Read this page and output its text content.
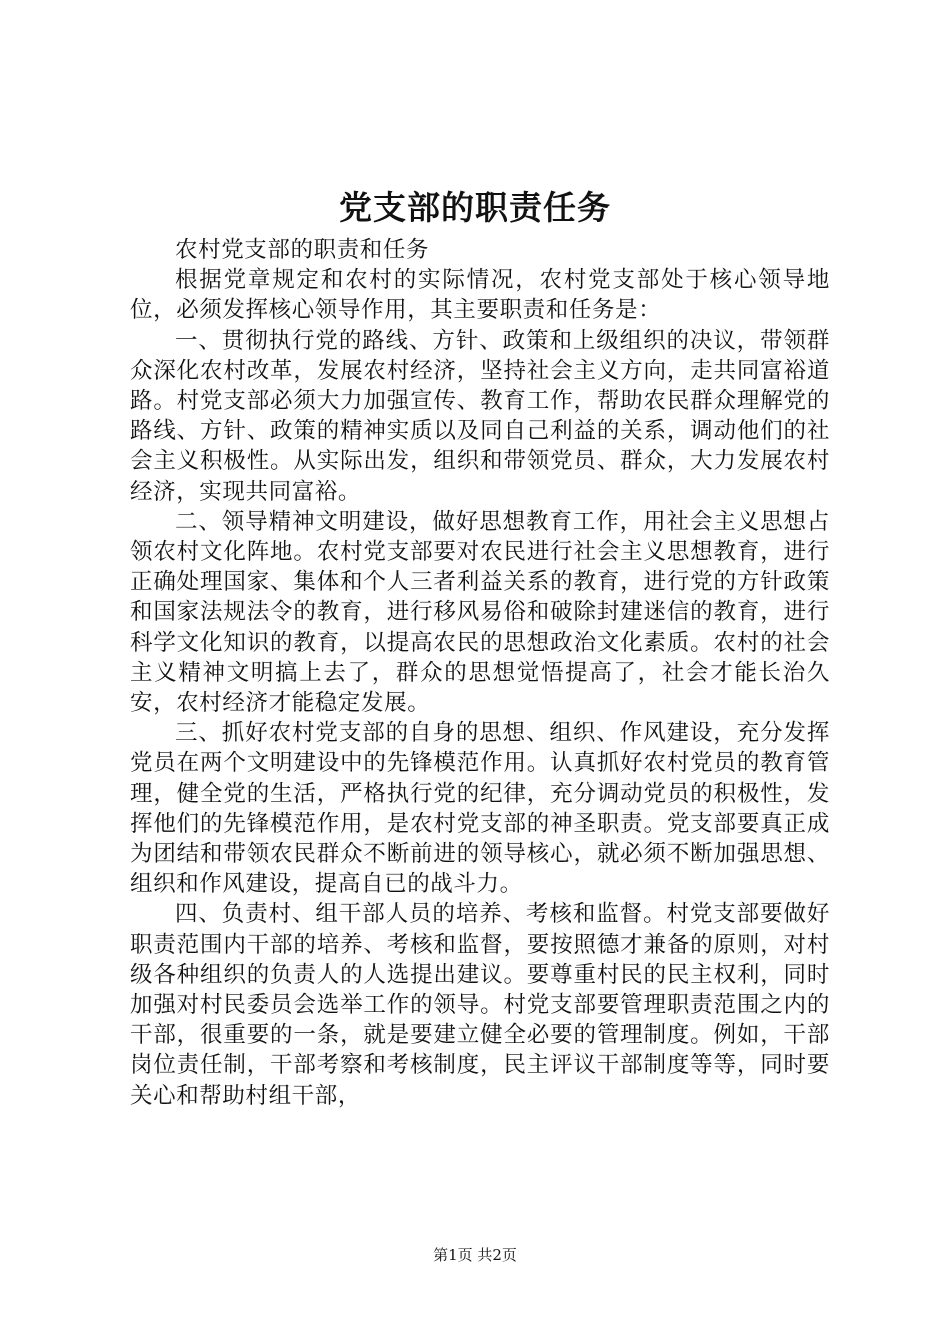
党支部的职责任务

农村党支部的职责和任务

根据党章规定和农村的实际情况，农村党支部处于核心领导地位，必须发挥核心领导作用，其主要职责和任务是：

一、贯彻执行党的路线、方针、政策和上级组织的决议，带领群众深化农村改革，发展农村经济，坚持社会主义方向，走共同富裕道路。村党支部必须大力加强宣传、教育工作，帮助农民群众理解党的路线、方针、政策的精神实质以及同自己利益的关系，调动他们的社会主义积极性。从实际出发，组织和带领党员、群众，大力发展农村经济，实现共同富裕。

二、领导精神文明建设，做好思想教育工作，用社会主义思想占领农村文化阵地。农村党支部要对农民进行社会主义思想教育，进行正确处理国家、集体和个人三者利益关系的教育，进行党的方针政策和国家法规法令的教育，进行移风易俗和破除封建迷信的教育，进行科学文化知识的教育，以提高农民的思想政治文化素质。农村的社会主义精神文明搞上去了，群众的思想觉悟提高了，社会才能长治久安，农村经济才能稳定发展。

三、抓好农村党支部的自身的思想、组织、作风建设，充分发挥党员在两个文明建设中的先锋模范作用。认真抓好农村党员的教育管理，健全党的生活，严格执行党的纪律，充分调动党员的积极性，发挥他们的先锋模范作用，是农村党支部的神圣职责。党支部要真正成为团结和带领农民群众不断前进的领导核心，就必须不断加强思想、组织和作风建设，提高自已的战斗力。

四、负责村、组干部人员的培养、考核和监督。村党支部要做好职责范围内干部的培养、考核和监督，要按照德才兼备的原则，对村级各种组织的负责人的人选提出建议。要尊重村民的民主权利，同时加强对村民委员会选举工作的领导。村党支部要管理职责范围之内的干部，很重要的一条，就是要建立健全必要的管理制度。例如，干部岗位责任制，干部考察和考核制度，民主评议干部制度等等，同时要关心和帮助村组干部，

第1页 共2页
